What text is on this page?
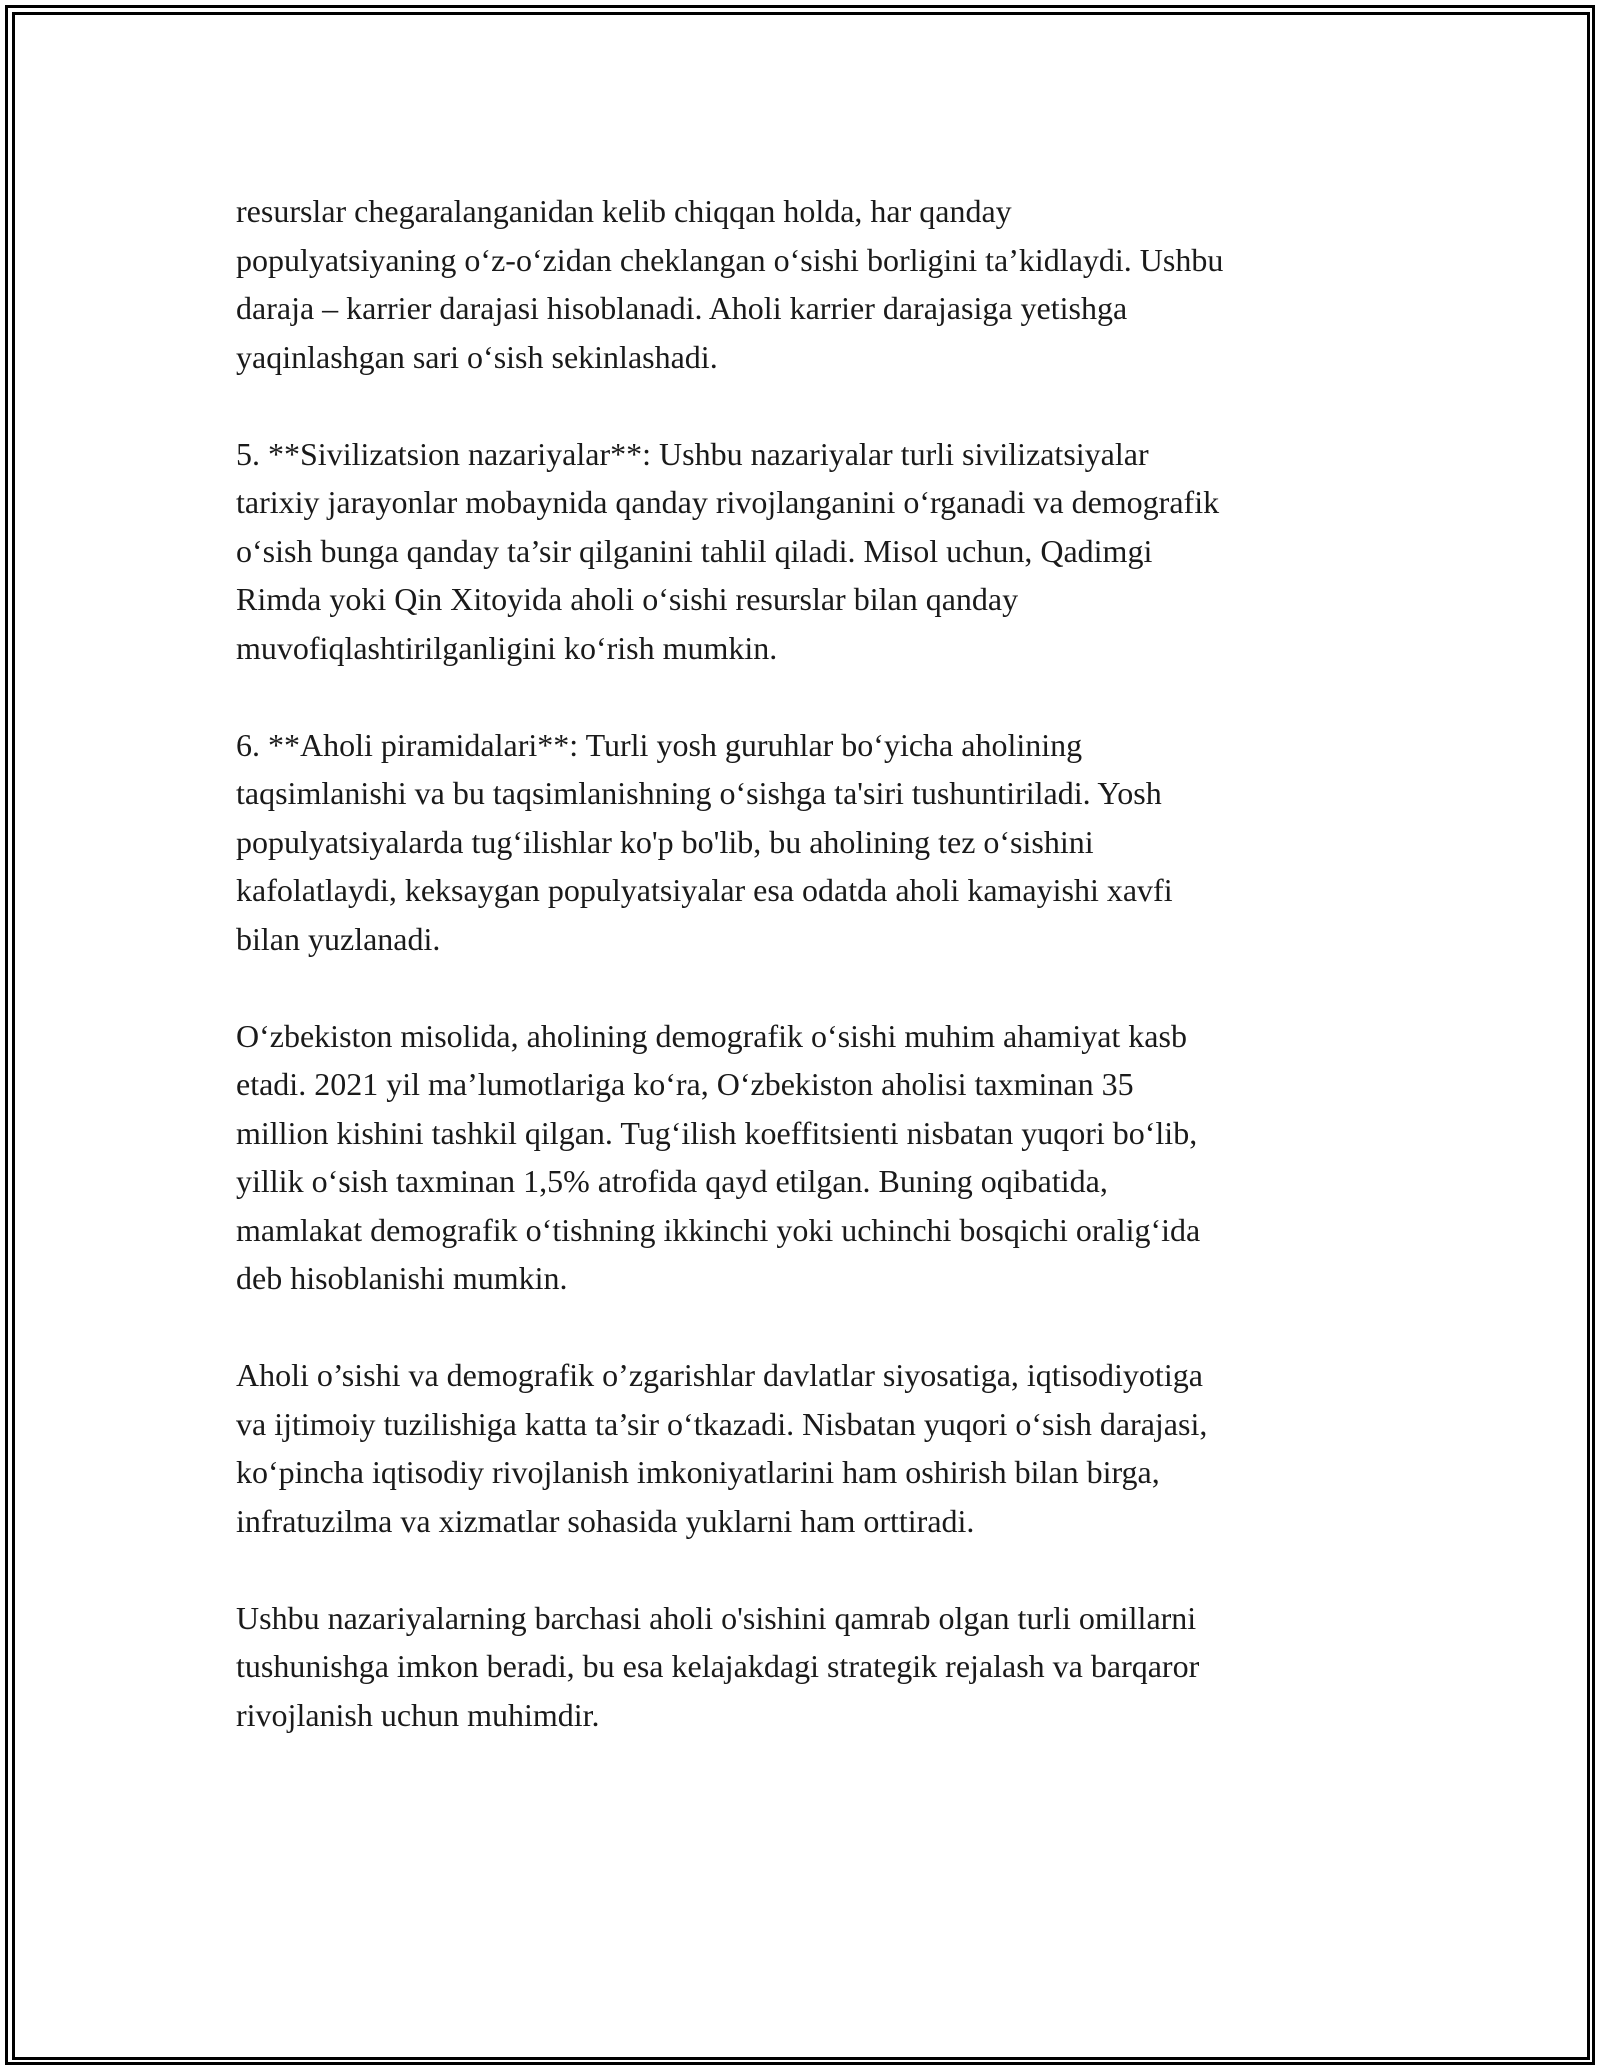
resurslar chegaralanganidan kelib chiqqan holda, har qanday
populyatsiyaning o‘z-o‘zidan cheklangan o‘sishi borligini ta’kidlaydi. Ushbu
daraja – karrier darajasi hisoblanadi. Aholi karrier darajasiga yetishga
yaqinlashgan sari o‘sish sekinlashadi.

5. **Sivilizatsion nazariyalar**: Ushbu nazariyalar turli sivilizatsiyalar
tarixiy jarayonlar mobaynida qanday rivojlanganini o‘rganadi va demografik
o‘sish bunga qanday ta’sir qilganini tahlil qiladi. Misol uchun, Qadimgi
Rimda yoki Qin Xitoyida aholi o‘sishi resurslar bilan qanday
muvofiqlashtirilganligini ko‘rish mumkin.

6. **Aholi piramidalari**: Turli yosh guruhlar bo‘yicha aholining
taqsimlanishi va bu taqsimlanishning o‘sishga ta'siri tushuntiriladi. Yosh
populyatsiyalarda tug‘ilishlar ko'p bo'lib, bu aholining tez o‘sishini
kafolatlaydi, keksaygan populyatsiyalar esa odatda aholi kamayishi xavfi
bilan yuzlanadi.

O‘zbekiston misolida, aholining demografik o‘sishi muhim ahamiyat kasb
etadi. 2021 yil ma’lumotlariga ko‘ra, O‘zbekiston aholisi taxminan 35
million kishini tashkil qilgan. Tug‘ilish koeffitsienti nisbatan yuqori bo‘lib,
yillik o‘sish taxminan 1,5% atrofida qayd etilgan. Buning oqibatida,
mamlakat demografik o‘tishning ikkinchi yoki uchinchi bosqichi oralig‘ida
deb hisoblanishi mumkin.

Aholi o’sishi va demografik o’zgarishlar davlatlar siyosatiga, iqtisodiyotiga
va ijtimoiy tuzilishiga katta ta’sir o‘tkazadi. Nisbatan yuqori o‘sish darajasi,
ko‘pincha iqtisodiy rivojlanish imkoniyatlarini ham oshirish bilan birga,
infratuzilma va xizmatlar sohasida yuklarni ham orttiradi.

Ushbu nazariyalarning barchasi aholi o'sishini qamrab olgan turli omillarni
tushunishga imkon beradi, bu esa kelajakdagi strategik rejalash va barqaror
rivojlanish uchun muhimdir.
